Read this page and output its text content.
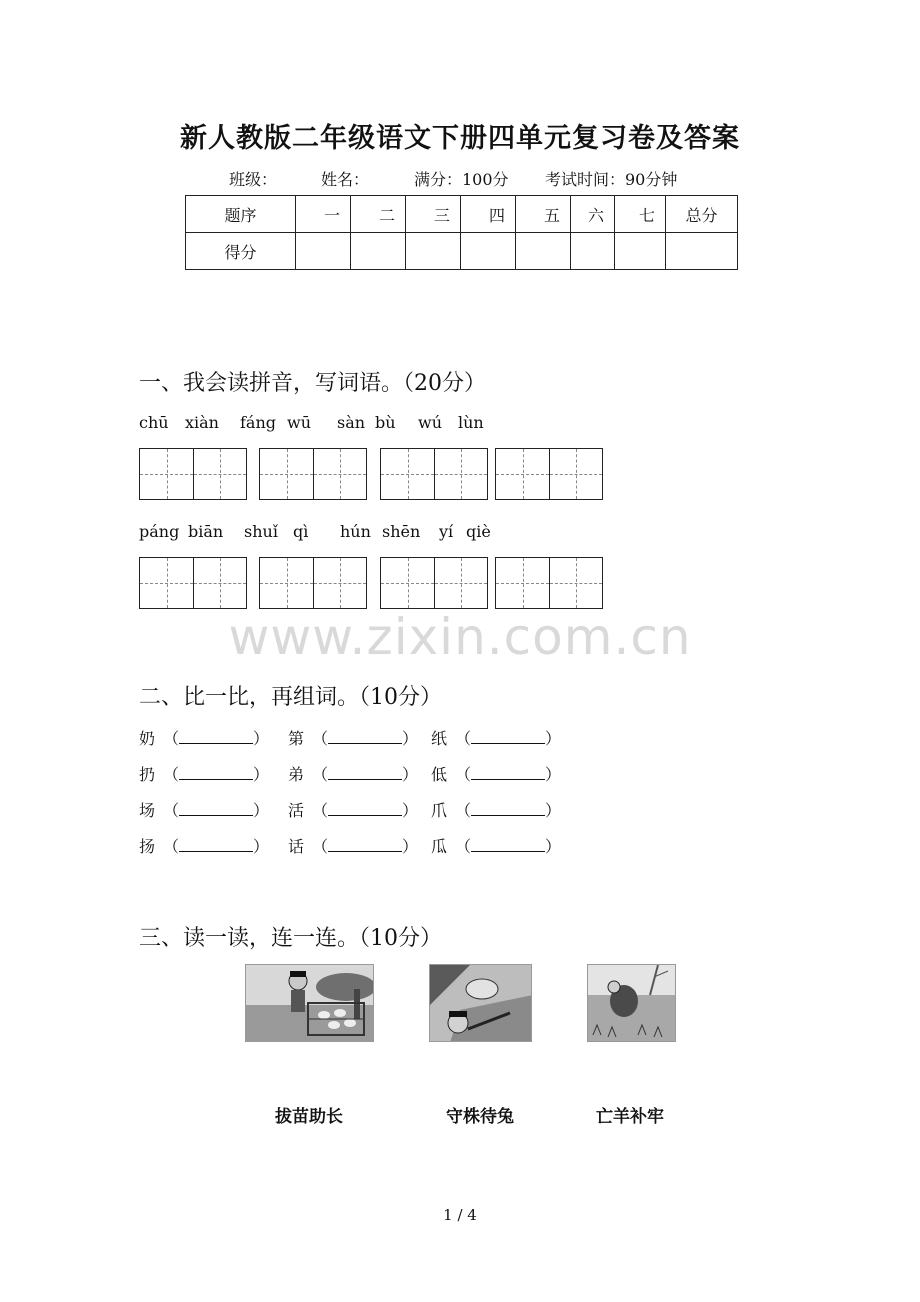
新人教版二年级语文下册四单元复习卷及答案
班级：	姓名：	满分：100分 考试时间：90分钟
题序	一	二	三	四	五	六	七	总分
得分								
一、我会读拼音，写词语。（20分）
chū xiàn fáng wū sàn bù wú lùn
páng biān shuǐ qì hún shēn yí qiè
www.zixin.com.cn
二、比一比，再组词。（10分）
奶 （	） 第 （	） 纸 （	）
扔 （	） 弟 （	） 低 （	）
场 （	） 活 （	） 爪 （	）
扬 （	） 话 （	） 瓜 （	）
三、读一读，连一连。（10分）
拔苗助长	守株待兔	亡羊补牢
1 / 4
